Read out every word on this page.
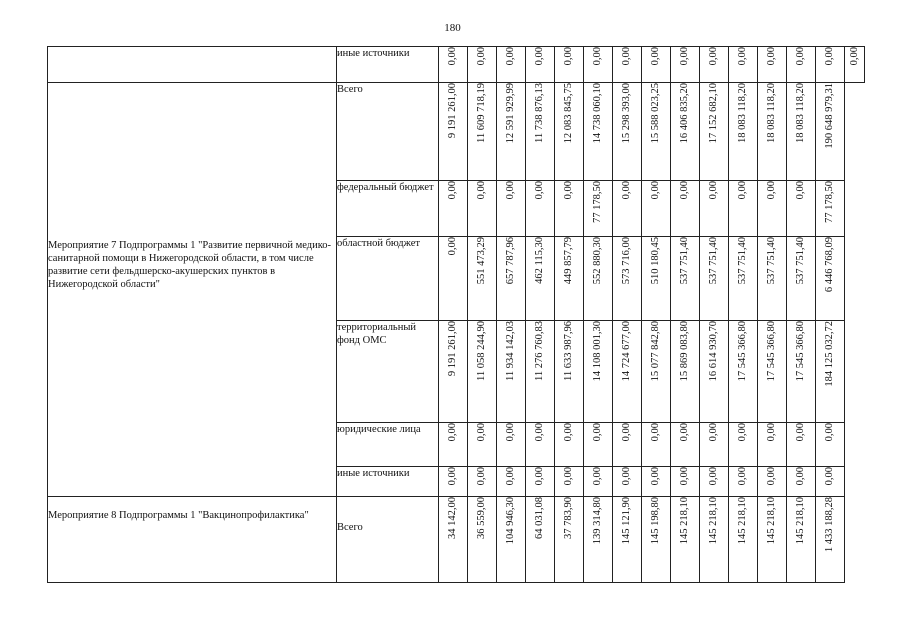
180
	иные источники	0,00	0,00	0,00	0,00	0,00	0,00	0,00	0,00	0,00	0,00	0,00	0,00	0,00	0,00	0,00
Мероприятие 7 Подпрограммы 1 "Развитие первичной медико-санитарной помощи в Нижегородской области, в том числе развитие сети фельдшерско-акушерских пунктов в Нижегородской области"	Всего	9 191 261,00	11 609 718,19	12 591 929,99	11 738 876,13	12 083 845,75	14 738 060,10	15 298 393,00	15 588 023,25	16 406 835,20	17 152 682,10	18 083 118,20	18 083 118,20	18 083 118,20	190 648 979,31	
	федеральный бюджет	0,00	0,00	0,00	0,00	0,00	77 178,50	0,00	0,00	0,00	0,00	0,00	0,00	0,00	77 178,50	
	областной бюджет	0,00	551 473,29	657 787,96	462 115,30	449 857,79	552 880,30	573 716,00	510 180,45	537 751,40	537 751,40	537 751,40	537 751,40	537 751,40	6 446 768,09	
	территориальный фонд ОМС	9 191 261,00	11 058 244,90	11 934 142,03	11 276 760,83	11 633 987,96	14 108 001,30	14 724 677,00	15 077 842,80	15 869 083,80	16 614 930,70	17 545 366,80	17 545 366,80	17 545 366,80	184 125 032,72	
	юридические лица	0,00	0,00	0,00	0,00	0,00	0,00	0,00	0,00	0,00	0,00	0,00	0,00	0,00	0,00	
	иные источники	0,00	0,00	0,00	0,00	0,00	0,00	0,00	0,00	0,00	0,00	0,00	0,00	0,00	0,00	
Мероприятие 8 Подпрограммы 1 "Вакцинопрофилактика"	Всего	34 142,00	36 559,00	104 946,30	64 031,08	37 783,90	139 314,80	145 121,90	145 198,80	145 218,10	145 218,10	145 218,10	145 218,10	145 218,10	1 433 188,28	
